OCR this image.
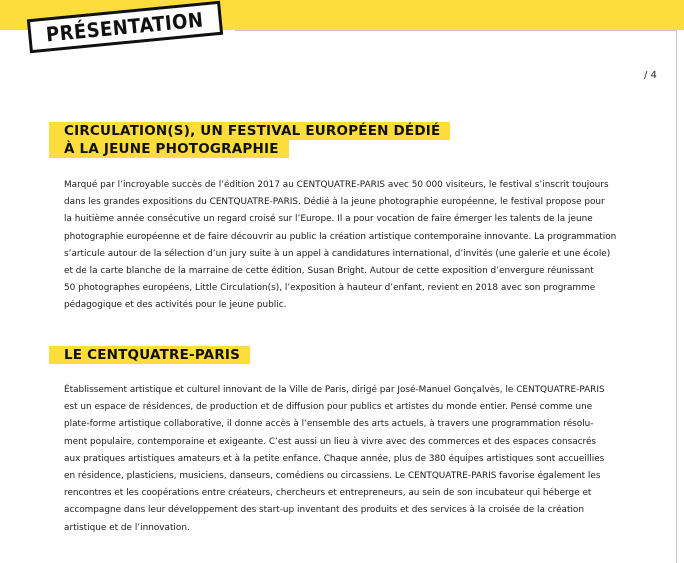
PRÉSENTATION
/ 4
CIRCULATION(S), UN FESTIVAL EUROPÉEN DÉDIÉ
À LA JEUNE PHOTOGRAPHIE
Marqué par l’incroyable succès de l’édition 2017 au CENTQUATRE-PARIS avec 50 000 visiteurs, le festival s’inscrit toujours
dans les grandes expositions du CENTQUATRE-PARIS. Dédié à la jeune photographie européenne, le festival propose pour
la huitième année consécutive un regard croisé sur l’Europe. Il a pour vocation de faire émerger les talents de la jeune
photographie européenne et de faire découvrir au public la création artistique contemporaine innovante. La programmation
s’articule autour de la sélection d’un jury suite à un appel à candidatures international, d’invités (une galerie et une école)
et de la carte blanche de la marraine de cette édition, Susan Bright. Autour de cette exposition d’envergure réunissant
50 photographes européens, Little Circulation(s), l’exposition à hauteur d’enfant, revient en 2018 avec son programme
pédagogique et des activités pour le jeune public.
LE CENTQUATRE-PARIS
Établissement artistique et culturel innovant de la Ville de Paris, dirigé par José-Manuel Gonçalvès, le CENTQUATRE-PARIS
est un espace de résidences, de production et de diffusion pour publics et artistes du monde entier. Pensé comme une
plate-forme artistique collaborative, il donne accès à l’ensemble des arts actuels, à travers une programmation résolu-
ment populaire, contemporaine et exigeante. C’est aussi un lieu à vivre avec des commerces et des espaces consacrés
aux pratiques artistiques amateurs et à la petite enfance. Chaque année, plus de 380 équipes artistiques sont accueillies
en résidence, plasticiens, musiciens, danseurs, comédiens ou circassiens. Le CENTQUATRE-PARIS favorise également les
rencontres et les coopérations entre créateurs, chercheurs et entrepreneurs, au sein de son incubateur qui héberge et
accompagne dans leur développement des start-up inventant des produits et des services à la croisée de la création
artistique et de l’innovation.
